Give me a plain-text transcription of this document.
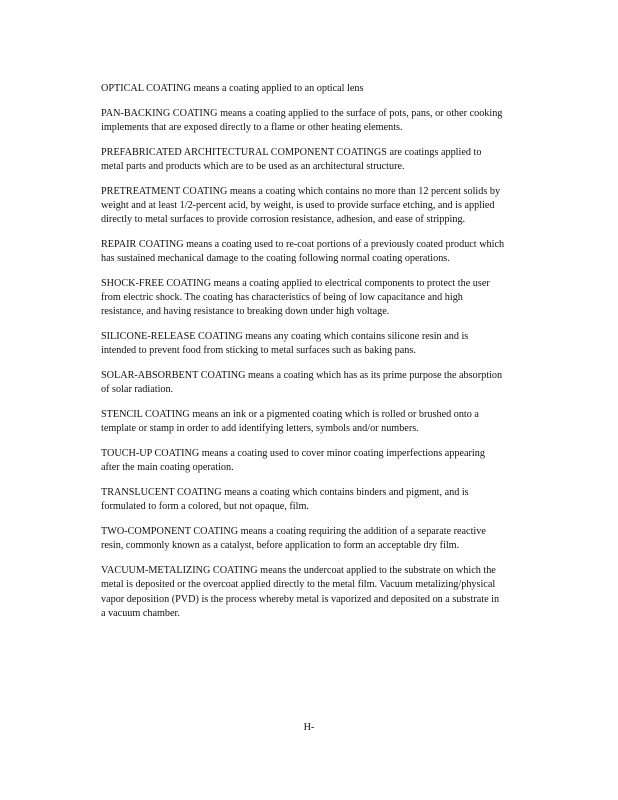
OPTICAL COATING means a coating applied to an optical lens

PAN-BACKING COATING means a coating applied to the surface of pots, pans, or other cooking implements that are exposed directly to a flame or other heating elements.

PREFABRICATED ARCHITECTURAL COMPONENT COATINGS are coatings applied to metal parts and products which are to be used as an architectural structure.

PRETREATMENT COATING means a coating which contains no more than 12 percent solids by weight and at least 1/2-percent acid, by weight, is used to provide surface etching, and is applied directly to metal surfaces to provide corrosion resistance, adhesion, and ease of stripping.

REPAIR COATING means a coating used to re-coat portions of a previously coated product which has sustained mechanical damage to the coating following normal coating operations.

SHOCK-FREE COATING means a coating applied to electrical components to protect the user from electric shock. The coating has characteristics of being of low capacitance and high resistance, and having resistance to breaking down under high voltage.

SILICONE-RELEASE COATING means any coating which contains silicone resin and is intended to prevent food from sticking to metal surfaces such as baking pans.

SOLAR-ABSORBENT COATING means a coating which has as its prime purpose the absorption of solar radiation.

STENCIL COATING means an ink or a pigmented coating which is rolled or brushed onto a template or stamp in order to add identifying letters, symbols and/or numbers.

TOUCH-UP COATING means a coating used to cover minor coating imperfections appearing after the main coating operation.

TRANSLUCENT COATING means a coating which contains binders and pigment, and is formulated to form a colored, but not opaque, film.

TWO-COMPONENT COATING means a coating requiring the addition of a separate reactive resin, commonly known as a catalyst, before application to form an acceptable dry film.

VACUUM-METALIZING COATING means the undercoat applied to the substrate on which the metal is deposited or the overcoat applied directly to the metal film. Vacuum metalizing/physical vapor deposition (PVD) is the process whereby metal is vaporized and deposited on a substrate in a vacuum chamber.

H-
